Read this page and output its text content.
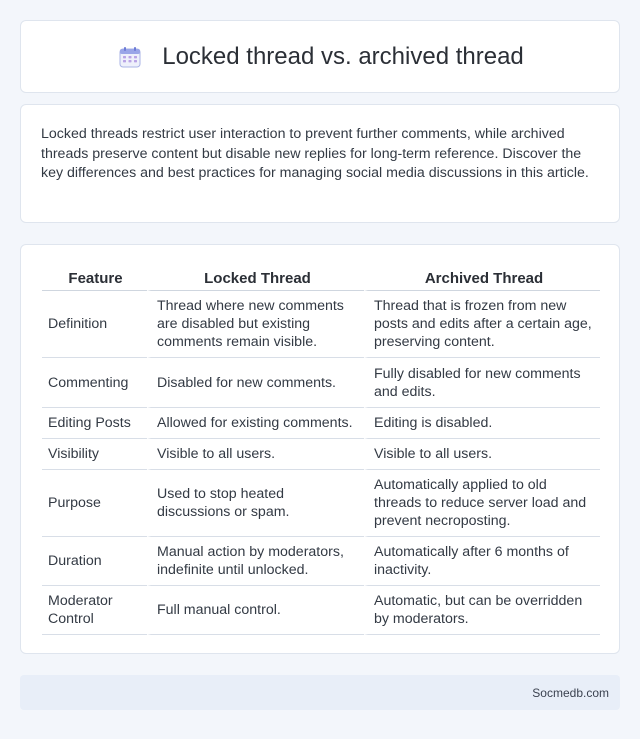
Locked thread vs. archived thread

Locked threads restrict user interaction to prevent further comments, while archived threads preserve content but disable new replies for long-term reference. Discover the key differences and best practices for managing social media discussions in this article.

Feature	Locked Thread	Archived Thread
Definition	Thread where new comments are disabled but existing comments remain visible.	Thread that is frozen from new posts and edits after a certain age, preserving content.
Commenting	Disabled for new comments.	Fully disabled for new comments and edits.
Editing Posts	Allowed for existing comments.	Editing is disabled.
Visibility	Visible to all users.	Visible to all users.
Purpose	Used to stop heated discussions or spam.	Automatically applied to old threads to reduce server load and prevent necroposting.
Duration	Manual action by moderators, indefinite until unlocked.	Automatically after 6 months of inactivity.
Moderator Control	Full manual control.	Automatic, but can be overridden by moderators.
Socmedb.com
